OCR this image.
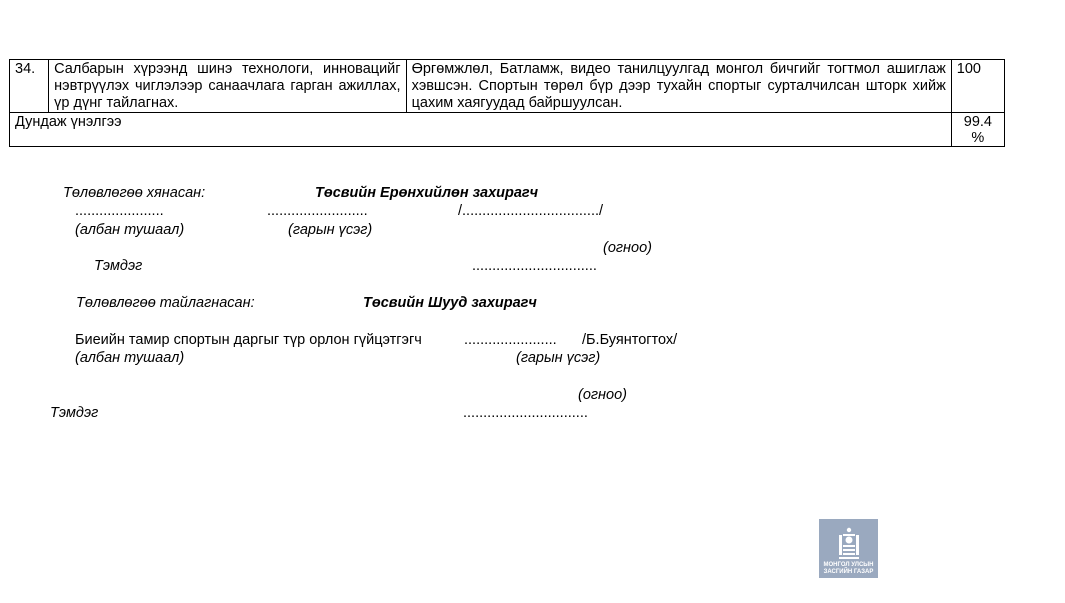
34.	Салбарын хүрээнд шинэ технологи, инновацийг нэвтрүүлэх чиглэлээр санаачлага гарган ажиллах, үр дүнг тайлагнах.	Өргөмжлөл, Батламж, видео танилцуулгад монгол бичгийг тогтмол ашиглаж хэвшсэн. Спортын төрөл бүр дээр тухайн спортыг сурталчилсан шторк хийж цахим хаягуудад байршуулсан.	100
Дундаж үнэлгээ			99.4
%
Төлөвлөгөө хянасан:	Төсвийн Ерөнхийлөн захирагч
......................	.........................	/................................../
(албан тушаал)	(гарын үсэг)
(огноо)
Тэмдэг	...............................
Төлөвлөгөө тайлагнасан:	Төсвийн Шууд захирагч
Биеийн тамир спортын даргыг түр орлон гүйцэтгэгч	....................... /Б.Буянтогтох/
(албан тушаал)	(гарын үсэг)
(огноо)
Тэмдэг	...............................
МОНГОЛ УЛСЫН ЗАСГИЙН ГАЗАР
